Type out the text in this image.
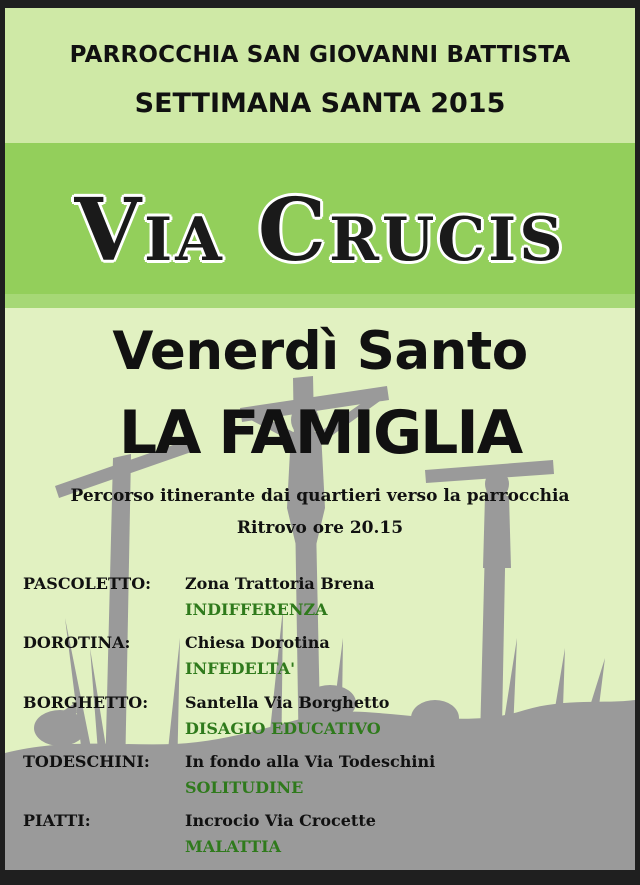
PARROCCHIA SAN GIOVANNI BATTISTA
SETTIMANA SANTA 2015
Via Crucis
Venerdì Santo
LA FAMIGLIA
Percorso itinerante dai quartieri verso la parrocchia
Ritrovo ore 20.15
PASCOLETTO: Zona Trattoria Brena
INDIFFERENZA
DOROTINA:	Chiesa Dorotina
INFEDELTA'
BORGHETTO: Santella Via Borghetto
DISAGIO EDUCATIVO
TODESCHINI: In fondo alla Via Todeschini
SOLITUDINE
PIATTI:	Incrocio Via Crocette
MALATTIA
